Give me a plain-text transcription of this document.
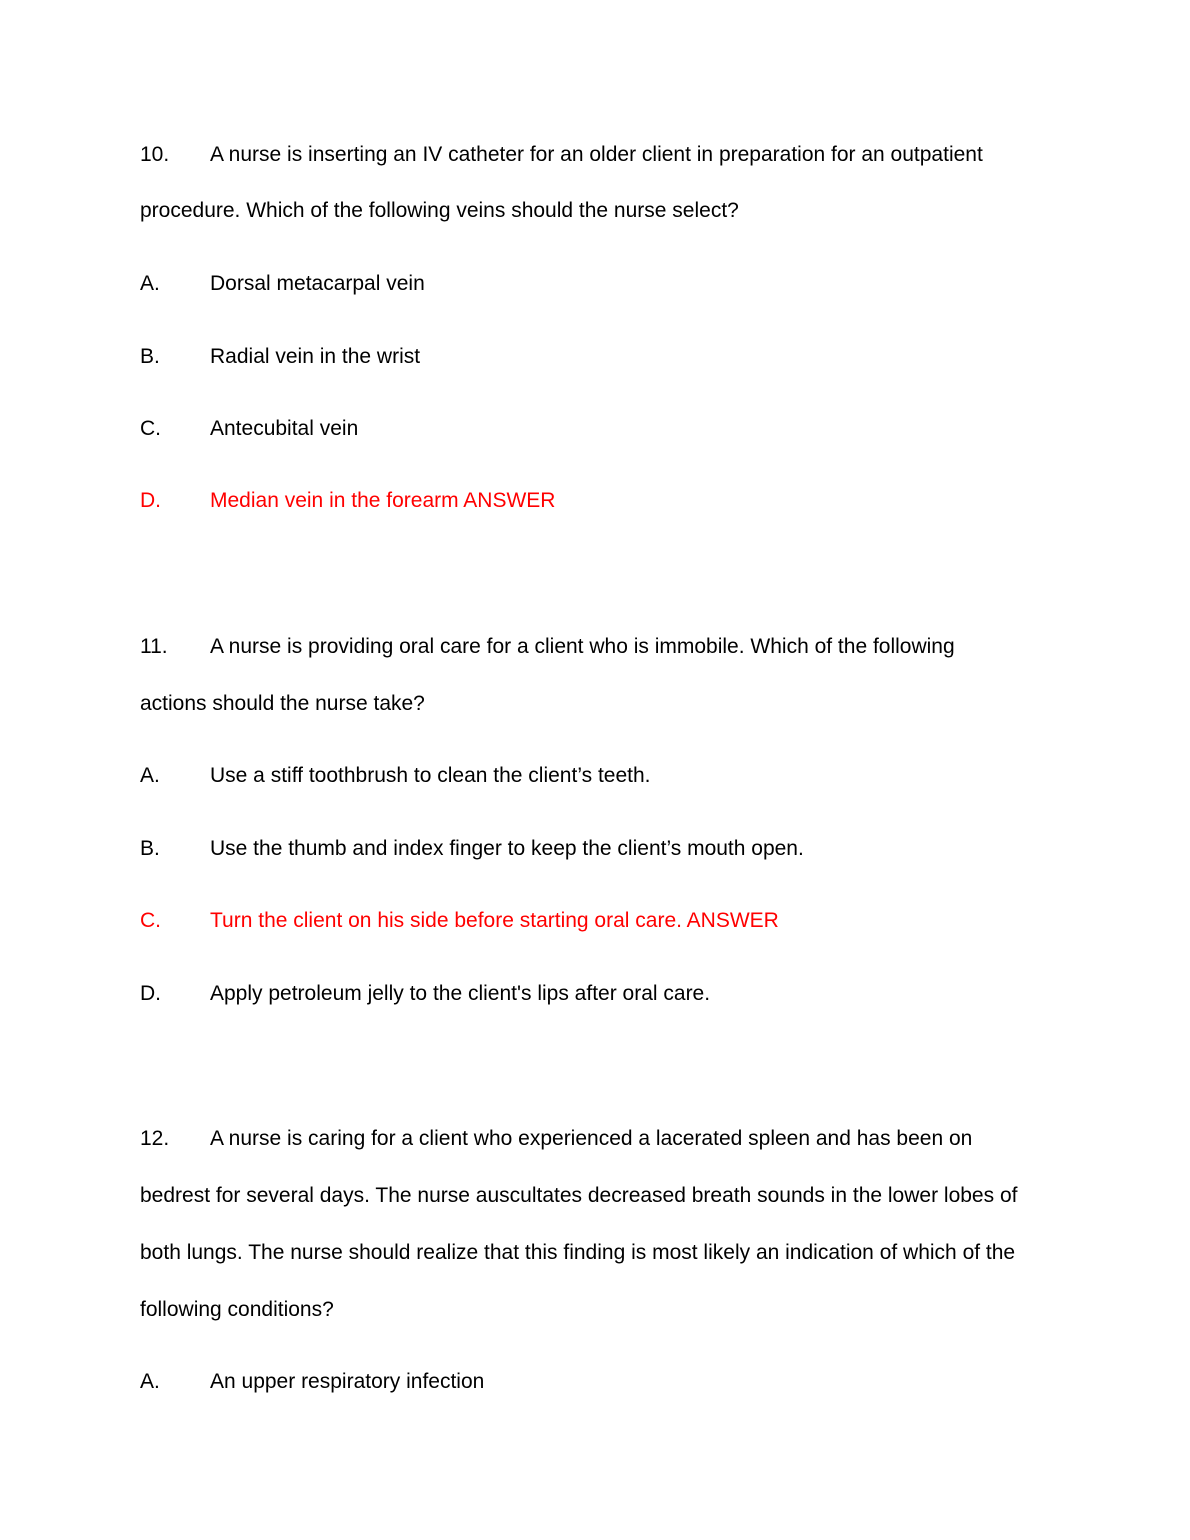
10. A nurse is inserting an IV catheter for an older client in preparation for an outpatient
procedure. Which of the following veins should the nurse select?
A. Dorsal metacarpal vein
B. Radial vein in the wrist
C. Antecubital vein
D. Median vein in the forearm ANSWER
11. A nurse is providing oral care for a client who is immobile. Which of the following
actions should the nurse take?
A. Use a stiff toothbrush to clean the client’s teeth.
B. Use the thumb and index finger to keep the client’s mouth open.
C. Turn the client on his side before starting oral care. ANSWER
D. Apply petroleum jelly to the client's lips after oral care.
12. A nurse is caring for a client who experienced a lacerated spleen and has been on
bedrest for several days. The nurse auscultates decreased breath sounds in the lower lobes of
both lungs. The nurse should realize that this finding is most likely an indication of which of the
following conditions?
A. An upper respiratory infection
